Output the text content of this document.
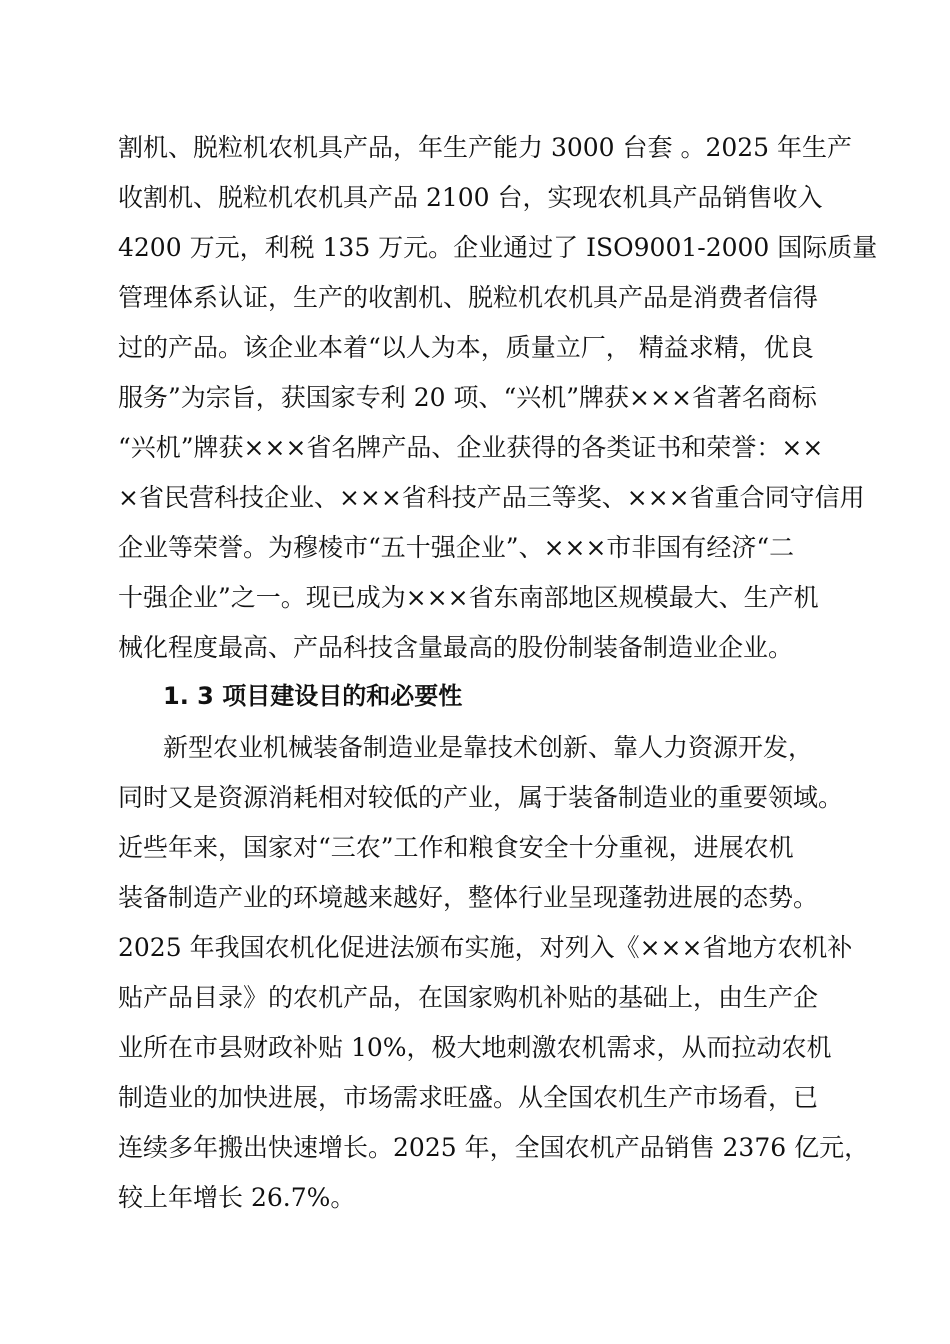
割机、脱粒机农机具产品，年生产能力 3000 台套 。2025 年生产
收割机、脱粒机农机具产品 2100 台，实现农机具产品销售收入
4200 万元，利税 135 万元。企业通过了 ISO9001-2000 国际质量
管理体系认证，生产的收割机、脱粒机农机具产品是消费者信得
过的产品。该企业本着“以人为本，质量立厂， 精益求精，优良
服务”为宗旨，获国家专利 20 项、“兴机”牌获×××省著名商标
“兴机”牌获×××省名牌产品、企业获得的各类证书和荣誉：××
×省民营科技企业、×××省科技产品三等奖、×××省重合同守信用
企业等荣誉。为穆棱市“五十强企业”、×××市非国有经济“二
十强企业”之一。现已成为×××省东南部地区规模最大、生产机
械化程度最高、产品科技含量最高的股份制装备制造业企业。
1. 3 项目建设目的和必要性
新型农业机械装备制造业是靠技术创新、靠人力资源开发，
同时又是资源消耗相对较低的产业，属于装备制造业的重要领域。
近些年来，国家对“三农”工作和粮食安全十分重视，进展农机
装备制造产业的环境越来越好，整体行业呈现蓬勃进展的态势。
2025 年我国农机化促进法颁布实施，对列入《×××省地方农机补
贴产品目录》的农机产品，在国家购机补贴的基础上，由生产企
业所在市县财政补贴 10%，极大地刺激农机需求，从而拉动农机
制造业的加快进展，市场需求旺盛。从全国农机生产市场看，已
连续多年搬出快速增长。2025 年，全国农机产品销售 2376 亿元，
较上年增长 26.7%。
